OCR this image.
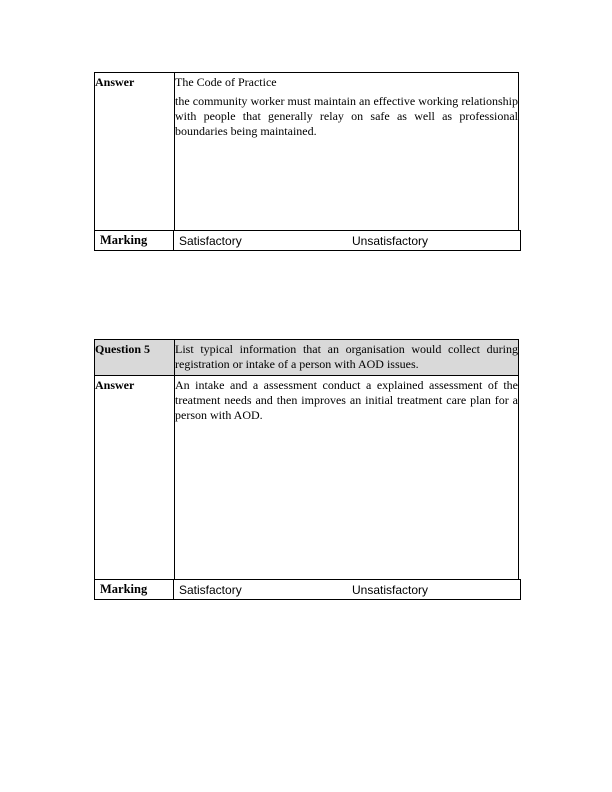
Answer	The Code of Practice
the community worker must maintain an effective working relationship with people that generally relay on safe as well as professional boundaries being maintained.
Marking	Satisfactory	Unsatisfactory
Question 5	List typical information that an organisation would collect during registration or intake of a person with AOD issues.
Answer	An intake and a assessment conduct a explained assessment of the treatment needs and then improves an initial treatment care plan for a person with AOD.
Marking	Satisfactory	Unsatisfactory
